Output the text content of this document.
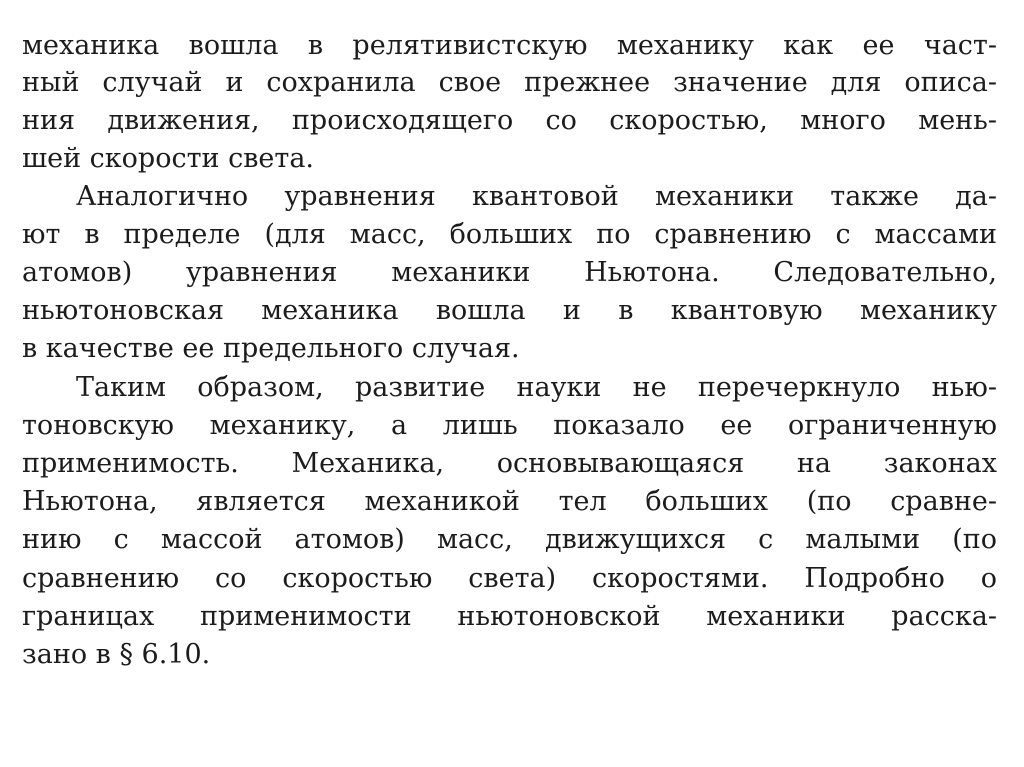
механика вошла в релятивистскую механику как ее част-
ный случай и сохранила свое прежнее значение для описа-
ния движения, происходящего со скоростью, много мень-
шей скорости света.
Аналогично уравнения квантовой механики также да-
ют в пределе (для масс, больших по сравнению с массами
атомов) уравнения механики Ньютона. Следовательно,
ньютоновская механика вошла и в квантовую механику
в качестве ее предельного случая.
Таким образом, развитие науки не перечеркнуло нью-
тоновскую механику, а лишь показало ее ограниченную
применимость. Механика, основывающаяся на законах
Ньютона, является механикой тел больших (по сравне-
нию с массой атомов) масс, движущихся с малыми (по
сравнению со скоростью света) скоростями. Подробно о
границах применимости ньютоновской механики расска-
зано в § 6.10.
